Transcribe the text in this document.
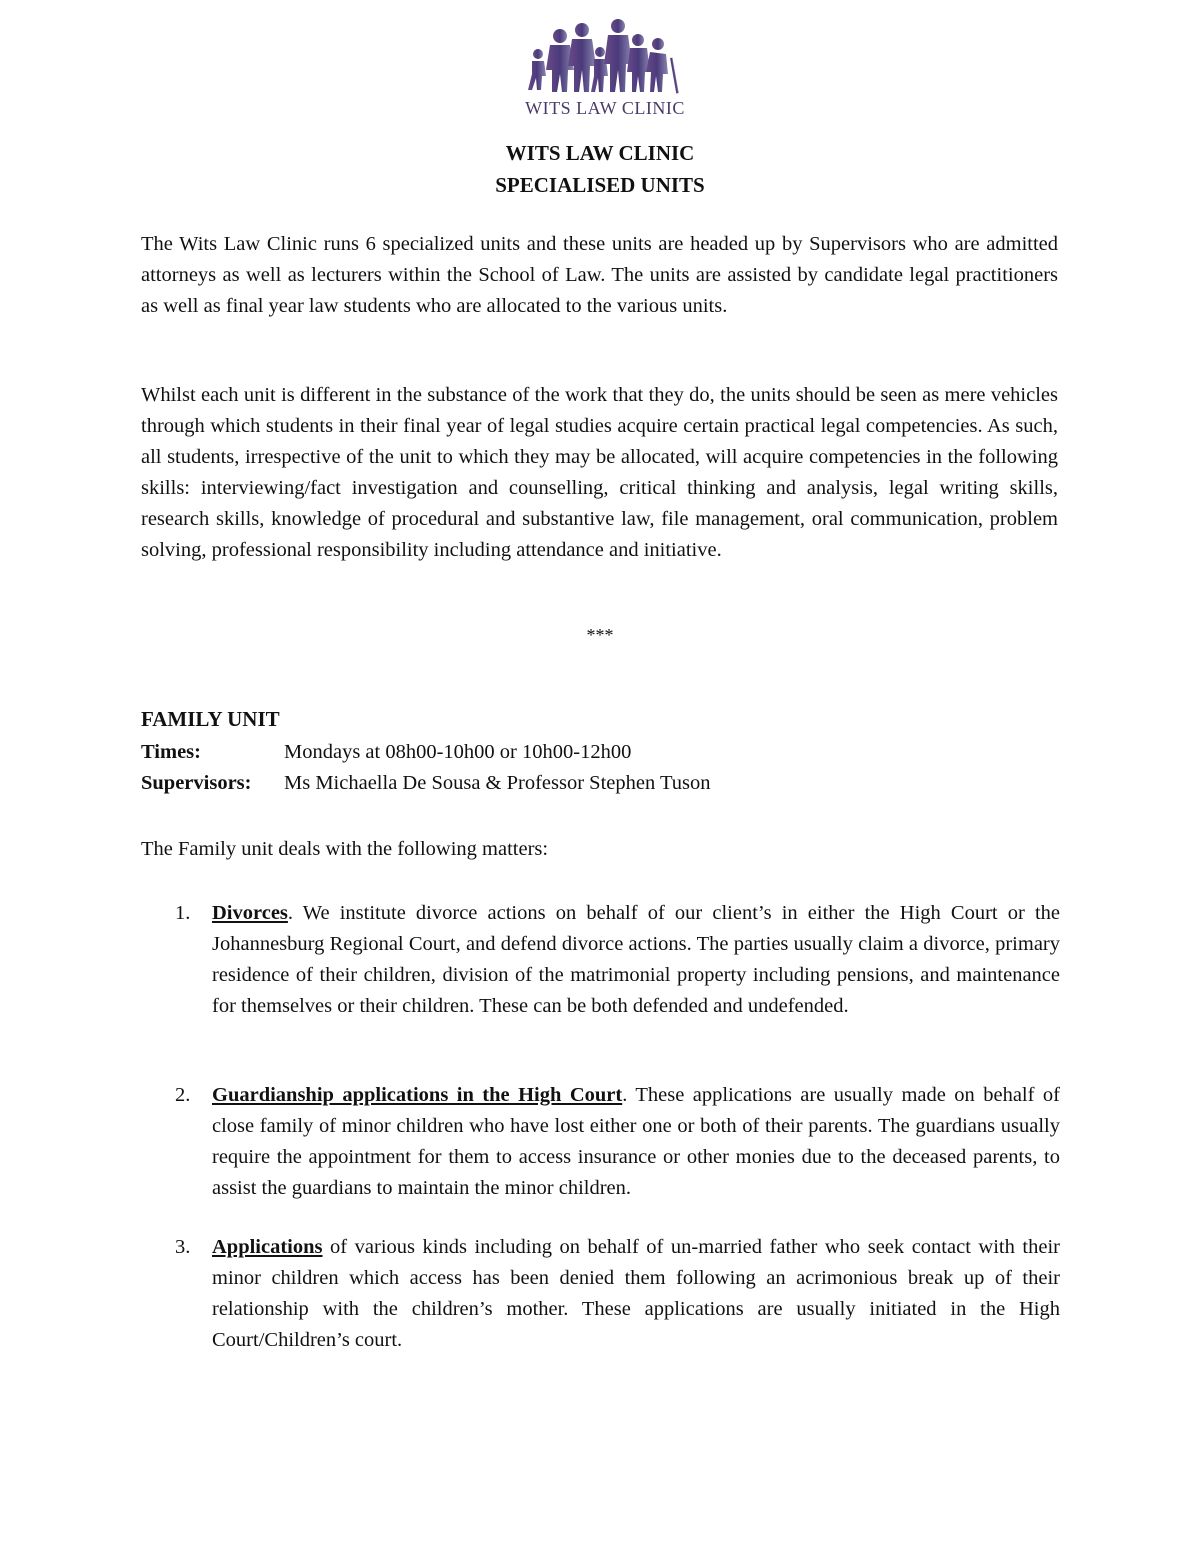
WITS LAW CLINIC
WITS LAW CLINIC
SPECIALISED UNITS
The Wits Law Clinic runs 6 specialized units and these units are headed up by Supervisors who are admitted attorneys as well as lecturers within the School of Law. The units are assisted by candidate legal practitioners as well as final year law students who are allocated to the various units.
Whilst each unit is different in the substance of the work that they do, the units should be seen as mere vehicles through which students in their final year of legal studies acquire certain practical legal competencies. As such, all students, irrespective of the unit to which they may be allocated, will acquire competencies in the following skills: interviewing/fact investigation and counselling, critical thinking and analysis, legal writing skills, research skills, knowledge of procedural and substantive law, file management, oral communication, problem solving, professional responsibility including attendance and initiative.
***
FAMILY UNIT
Times:	Mondays at 08h00-10h00 or 10h00-12h00
Supervisors: Ms Michaella De Sousa & Professor Stephen Tuson
The Family unit deals with the following matters:
1. Divorces. We institute divorce actions on behalf of our client’s in either the High Court or the Johannesburg Regional Court, and defend divorce actions. The parties usually claim a divorce, primary residence of their children, division of the matrimonial property including pensions, and maintenance for themselves or their children. These can be both defended and undefended.
2. Guardianship applications in the High Court. These applications are usually made on behalf of close family of minor children who have lost either one or both of their parents. The guardians usually require the appointment for them to access insurance or other monies due to the deceased parents, to assist the guardians to maintain the minor children.
3. Applications of various kinds including on behalf of un-married father who seek contact with their minor children which access has been denied them following an acrimonious break up of their relationship with the children’s mother. These applications are usually initiated in the High Court/Children’s court.
